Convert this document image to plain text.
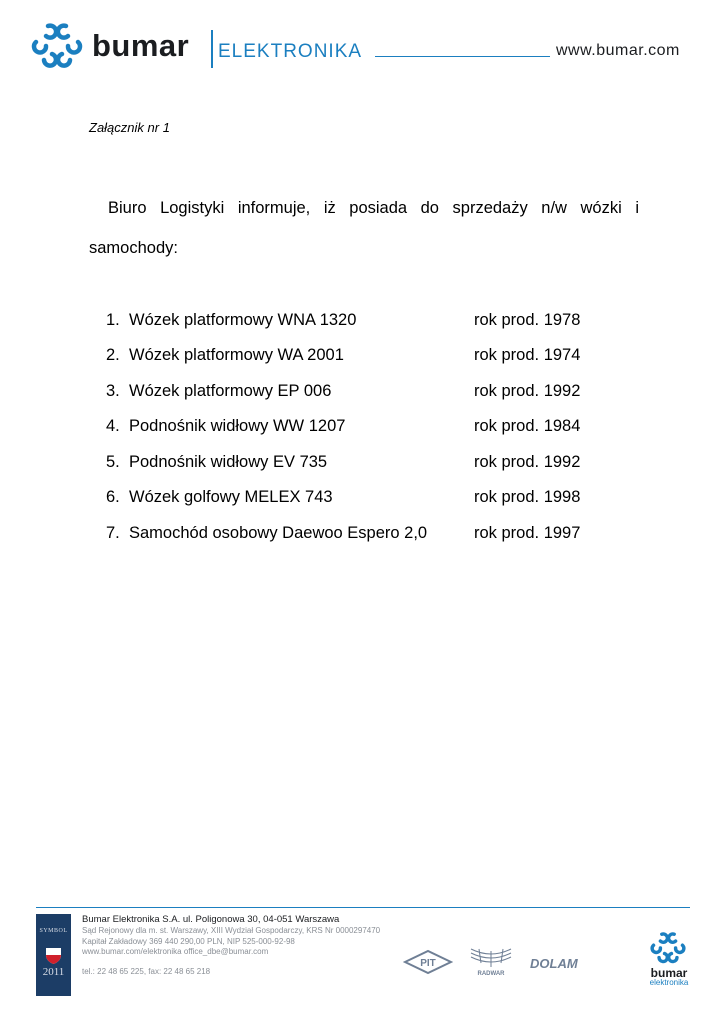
bumar elektronika	www.bumar.com
Załącznik nr 1
Biuro Logistyki informuje, iż posiada do sprzedaży n/w wózki i samochody:
1. Wózek platformowy WNA 1320	rok prod. 1978
2. Wózek platformowy WA 2001	rok prod. 1974
3. Wózek platformowy EP 006	rok prod. 1992
4. Podnośnik widłowy WW 1207	rok prod. 1984
5. Podnośnik widłowy EV 735	rok prod. 1992
6. Wózek golfowy MELEX 743	rok prod. 1998
7. Samochód osobowy Daewoo Espero 2,0	rok prod. 1997
SYMBOL
2011
Bumar Elektronika S.A. ul. Poligonowa 30, 04-051 Warszawa
Sąd Rejonowy dla m. st. Warszawy, XIII Wydział Gospodarczy, KRS Nr 0000297470
Kapitał Zakładowy 369 440 290,00 PLN, NIP 525-000-92-98
www.bumar.com/elektronika office_dbe@bumar.com
tel.: 22 48 65 225, fax: 22 48 65 218
PIT
RADWAR
DOLAM
bumar
elektronika
